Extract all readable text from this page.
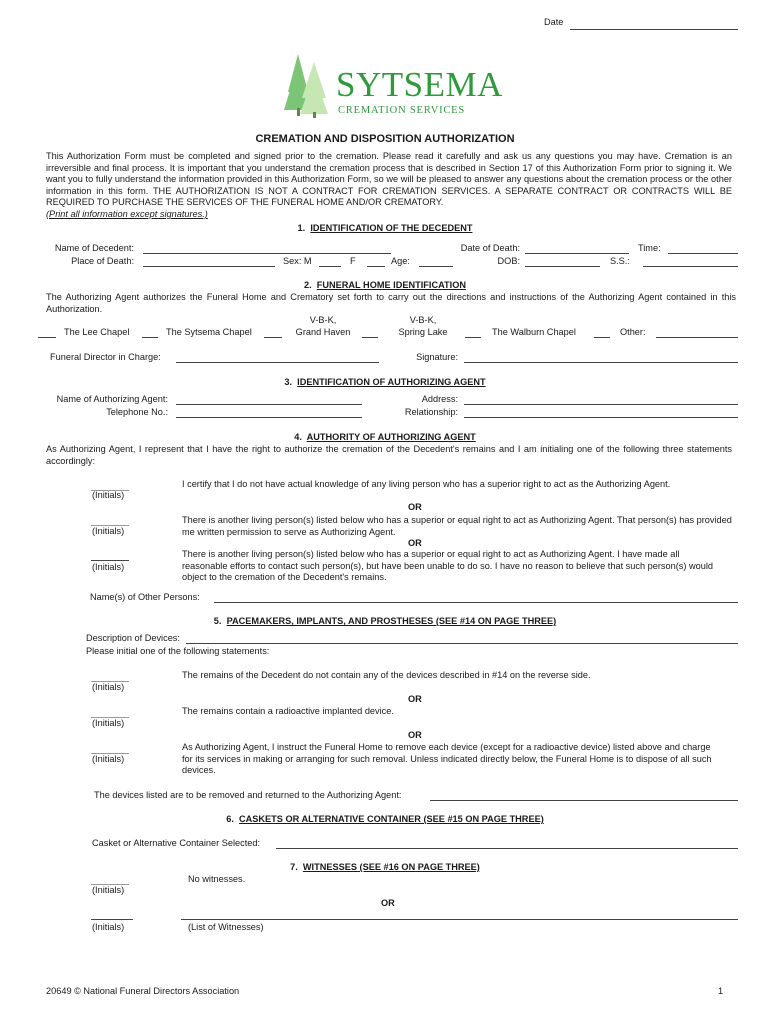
Date
SYTSEMA
CREMATION SERVICES
CREMATION AND DISPOSITION AUTHORIZATION
This Authorization Form must be completed and signed prior to the cremation. Please read it carefully and ask us any questions you may have. Cremation is an irreversible and final process. It is important that you understand the cremation process that is described in Section 17 of this Authorization Form prior to signing it. We want you to fully understand the information provided in this Authorization Form, so we will be pleased to answer any questions about the cremation process or the other information in this form. THE AUTHORIZATION IS NOT A CONTRACT FOR CREMATION SERVICES. A SEPARATE CONTRACT OR CONTRACTS WILL BE REQUIRED TO PURCHASE THE SERVICES OF THE FUNERAL HOME AND/OR CREMATORY.
(Print all information except signatures.)
1. IDENTIFICATION OF THE DECEDENT
Name of Decedent:	Date of Death:	Time:
Place of Death:	Sex: M	F	Age:	DOB:	S.S.:
2. FUNERAL HOME IDENTIFICATION
The Authorizing Agent authorizes the Funeral Home and Crematory set forth to carry out the directions and instructions of the Authorizing Agent contained in this Authorization.
The Lee Chapel	The Sytsema Chapel
V-B-K,
Grand Haven
V-B-K,
Spring Lake	The Walburn Chapel	Other:
Funeral Director in Charge:	Signature:
3. IDENTIFICATION OF AUTHORIZING AGENT
Name of Authorizing Agent:	Address:
Telephone No.:	Relationship:
4. AUTHORITY OF AUTHORIZING AGENT
As Authorizing Agent, I represent that I have the right to authorize the cremation of the Decedent's remains and I am initialing one of the following three statements accordingly:
(Initials)
I certify that I do not have actual knowledge of any living person who has a superior right to act as the Authorizing Agent.
OR
(Initials)
There is another living person(s) listed below who has a superior or equal right to act as Authorizing Agent. That person(s) has provided me written permission to serve as Authorizing Agent.
OR
(Initials)
There is another living person(s) listed below who has a superior or equal right to act as Authorizing Agent. I have made all reasonable efforts to contact such person(s), but have been unable to do so. I have no reason to believe that such person(s) would object to the cremation of the Decedent's remains.
Name(s) of Other Persons:
5. PACEMAKERS, IMPLANTS, AND PROSTHESES (SEE #14 ON PAGE THREE)
Description of Devices:
Please initial one of the following statements:
(Initials)
The remains of the Decedent do not contain any of the devices described in #14 on the reverse side.
OR
(Initials)
The remains contain a radioactive implanted device.
OR
(Initials)
As Authorizing Agent, I instruct the Funeral Home to remove each device (except for a radioactive device) listed above and charge for its services in making or arranging for such removal. Unless indicated directly below, the Funeral Home is to dispose of all such devices.
The devices listed are to be removed and returned to the Authorizing Agent:
6. CASKETS OR ALTERNATIVE CONTAINER (SEE #15 ON PAGE THREE)
Casket or Alternative Container Selected:
7. WITNESSES (SEE #16 ON PAGE THREE)
(Initials)
No witnesses.
OR
(Initials)	(List of Witnesses)
20649 © National Funeral Directors Association	1
